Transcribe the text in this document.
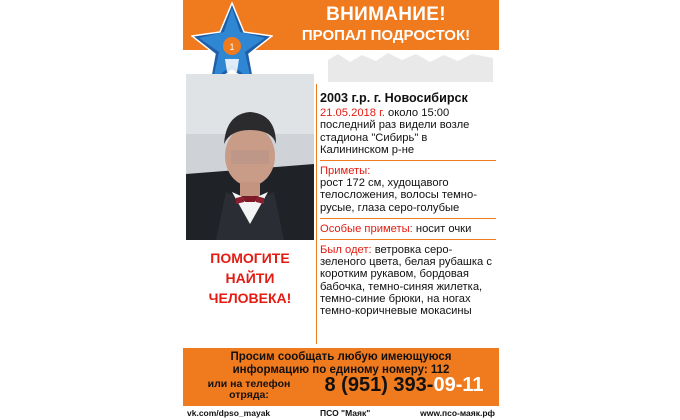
1
ВНИМАНИЕ!
ПРОПАЛ ПОДРОСТОК!
ПОМОГИТЕ
НАЙТИ
ЧЕЛОВЕКА!
2003 г.р. г. Новосибирск
21.05.2018 г. около 15:00 последний раз видели возле стадиона "Сибирь" в Калининском р-не
Приметы:
рост 172 см, худощавого телосложения, волосы темно-русые, глаза серо-голубые
Особые приметы: носит очки
Был одет: ветровка серо-зеленого цвета, белая рубашка с коротким рукавом, бордовая бабочка, темно-синяя жилетка, темно-синие брюки, на ногах темно-коричневые мокасины
Просим сообщать любую имеющуюся
информацию по единому номеру: 112
или на телефон
отряда:	8 (951) 393-09-11
vk.com/dpso_mayak	ПСО "Маяк"	www.псо-маяк.рф
